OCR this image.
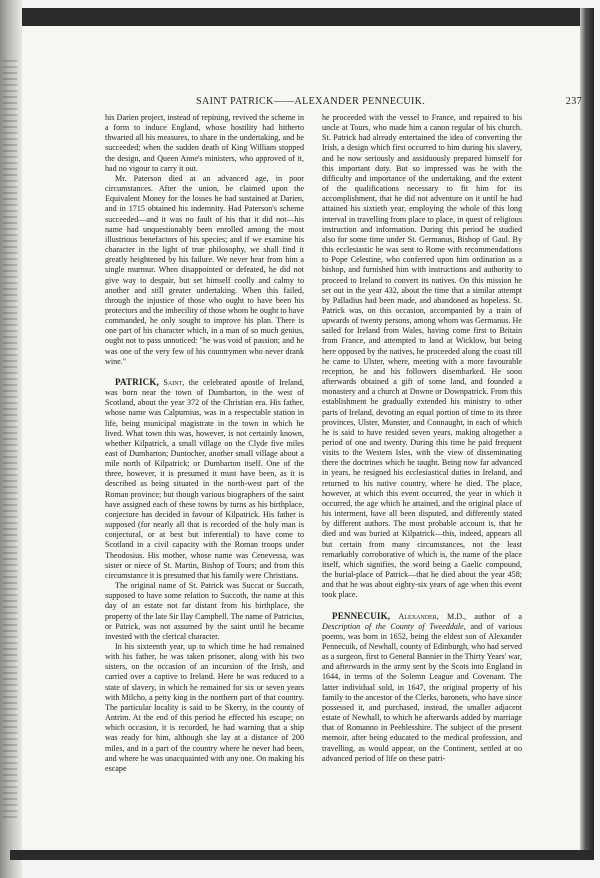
SAINT PATRICK——ALEXANDER PENNECUIK.	237

his Darien project, instead of repining, revived the scheme in a form to induce England, whose hostility had hitherto thwarted all his measures, to share in the undertaking, and he succeeded; when the sudden death of King William stopped the design, and Queen Anne's ministers, who approved of it, had no vigour to carry it out.

Mr. Paterson died at an advanced age, in poor circumstances. After the union, he claimed upon the Equivalent Money for the losses he had sustained at Darien, and in 1715 obtained his indemnity. Had Paterson's scheme succeeded—and it was no fault of his that it did not—his name had unquestionably been enrolled among the most illustrious benefactors of his species; and if we examine his character in the light of true philosophy, we shall find it greatly heightened by his failure. We never hear from him a single murmur. When disappointed or defeated, he did not give way to despair, but set himself coolly and calmy to another and still greater undertaking. When this failed, through the injustice of those who ought to have been his protectors and the imbecility of those whom he ought to have commanded, he only sought to improve his plan. There is one part of his character which, in a man of so much genius, ought not to pass unnoticed: "he was void of passion; and he was one of the very few of his countrymen who never drank wine."

PATRICK, Saint, the celebrated apostle of Ireland, was born near the town of Dumbarton, in the west of Scotland, about the year 372 of the Christian era. His father, whose name was Calpurnius, was in a respectable station in life, being municipal magistrate in the town in which he lived. What town this was, however, is not certainly known, whether Kilpatrick, a small village on the Clyde five miles east of Dumbarton; Duntocher, another small village about a mile north of Kilpatrick; or Dumbarton itself. One of the three, however, it is presumed it must have been, as it is described as being situated in the north-west part of the Roman province; but though various biographers of the saint have assigned each of these towns by turns as his birthplace, conjecture has decided in favour of Kilpatrick. His father is supposed (for nearly all that is recorded of the holy man is conjectural, or at best but inferential) to have come to Scotland in a civil capacity with the Roman troops under Theodosius. His mother, whose name was Cenevessa, was sister or niece of St. Martin, Bishop of Tours; and from this circumstance it is presumed that his family were Christians.

The original name of St. Patrick was Succat or Succath, supposed to have some relation to Succoth, the name at this day of an estate not far distant from his birthplace, the property of the late Sir Ilay Campbell. The name of Patricius, or Patrick, was not assumed by the saint until he became invested with the clerical character.

In his sixteenth year, up to which time he had remained with his father, he was taken prisoner, along with his two sisters, on the occasion of an incursion of the Irish, and carried over a captive to Ireland. Here he was reduced to a state of slavery, in which he remained for six or seven years with Milcho, a petty king in the northern part of that country. The particular locality is said to be Skerry, in the county of Antrim. At the end of this period he effected his escape; on which occasion, it is recorded, he had warning that a ship was ready for him, although she lay at a distance of 200 miles, and in a part of the country where he never had been, and where he was unacquainted with any one. On making his escape

he proceeded with the vessel to France, and repaired to his uncle at Tours, who made him a canon regular of his church. St. Patrick had already entertained the idea of converting the Irish, a design which first occurred to him during his slavery, and he now seriously and assiduously prepared himself for this important duty. But so impressed was he with the difficulty and importance of the undertaking, and the extent of the qualifications necessary to fit him for its accomplishment, that he did not adventure on it until he had attained his sixtieth year, employing the whole of this long interval in travelling from place to place, in quest of religious instruction and information. During this period he studied also for some time under St. Germanus, Bishop of Gaul. By this ecclesiastic he was sent to Rome with recommendations to Pope Celestine, who conferred upon him ordination as a bishop, and furnished him with instructions and authority to proceed to Ireland to convert its natives. On this mission he set out in the year 432, about the time that a similar attempt by Palladius had been made, and abandoned as hopeless. St. Patrick was, on this occasion, accompanied by a train of upwards of twenty persons, among whom was Germanus. He sailed for Ireland from Wales, having come first to Britain from France, and attempted to land at Wicklow, but being here opposed by the natives, he proceeded along the coast till he came to Ulster, where, meeting with a more favourable reception, he and his followers disembarked. He soon afterwards obtained a gift of some land, and founded a monastery and a church at Downe or Downpatrick. From this establishment he gradually extended his ministry to other parts of Ireland, devoting an equal portion of time to its three provinces, Ulster, Munster, and Connaught, in each of which he is said to have resided seven years, making altogether a period of one and twenty. During this time he paid frequent visits to the Western Isles, with the view of disseminating there the doctrines which he taught. Being now far advanced in years, he resigned his ecclesiastical duties in Ireland, and returned to his native country, where he died. The place, however, at which this event occurred, the year in which it occurred, the age which he attained, and the original place of his interment, have all been disputed, and differently stated by different authors. The most probable account is, that he died and was buried at Kilpatrick—this, indeed, appears all but certain from many circumstances, not the least remarkably corroborative of which is, the name of the place itself, which signifies, the word being a Gaelic compound, the burial-place of Patrick—that he died about the year 458; and that he was about eighty-six years of age when this event took place.

PENNECUIK, Alexander, M.D., author of a Description of the County of Tweeddale, and of various poems, was born in 1652, being the eldest son of Alexander Pennecuik, of Newhall, county of Edinburgh, who had served as a surgeon, first to General Bannier in the Thirty Years' war, and afterwards in the army sent by the Scots into England in 1644, in terms of the Solemn League and Covenant. The latter individual sold, in 1647, the original property of his family to the ancestor of the Clerks, baronets, who have since possessed it, and purchased, instead, the smaller adjacent estate of Newhall, to which he afterwards added by marriage that of Romanno in Peeblesshire. The subject of the present memoir, after being educated to the medical profession, and travelling, as would appear, on the Continent, settled at no advanced period of life on these patri-
